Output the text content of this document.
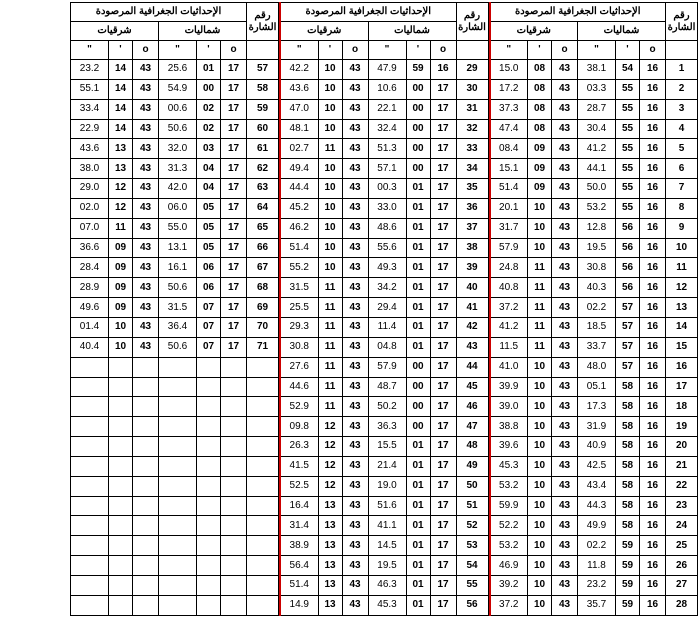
رقم
الشارة	الإحداثيات الجغرافية المرصودة					
	شماليات			شرقيات		
	o	'	"	o	'	"
1	16	54	38.1	43	08	15.0
2	16	55	03.3	43	08	17.2
3	16	55	28.7	43	08	37.3
4	16	55	30.4	43	08	47.4
5	16	55	41.2	43	09	08.4
6	16	55	44.1	43	09	15.1
7	16	55	50.0	43	09	51.4
8	16	55	53.2	43	10	20.1
9	16	56	12.8	43	10	31.7
10	16	56	19.5	43	10	57.9
11	16	56	30.8	43	11	24.8
12	16	56	40.3	43	11	40.8
13	16	57	02.2	43	11	37.2
14	16	57	18.5	43	11	41.2
15	16	57	33.7	43	11	11.5
16	16	57	48.0	43	10	41.0
17	16	58	05.1	43	10	39.9
18	16	58	17.3	43	10	39.0
19	16	58	31.9	43	10	38.8
20	16	58	40.9	43	10	39.6
21	16	58	42.5	43	10	45.3
22	16	58	43.4	43	10	53.2
23	16	58	44.3	43	10	59.9
24	16	58	49.9	43	10	52.2
25	16	59	02.2	43	10	53.2
26	16	59	11.8	43	10	46.9
27	16	59	23.2	43	10	39.2
28	16	59	35.7	43	10	37.2
رقم
الشارة	الإحداثيات الجغرافية المرصودة					
	شماليات			شرقيات		
	o	'	"	o	'	"
29	16	59	47.9	43	10	42.2
30	17	00	10.6	43	10	43.6
31	17	00	22.1	43	10	47.0
32	17	00	32.4	43	10	48.1
33	17	00	51.3	43	11	02.7
34	17	00	57.1	43	10	49.4
35	17	01	00.3	43	10	44.4
36	17	01	33.0	43	10	45.2
37	17	01	48.6	43	10	46.2
38	17	01	55.6	43	10	51.4
39	17	01	49.3	43	10	55.2
40	17	01	34.2	43	11	31.5
41	17	01	29.4	43	11	25.5
42	17	01	11.4	43	11	29.3
43	17	01	04.8	43	11	30.8
44	17	00	57.9	43	11	27.6
45	17	00	48.7	43	11	44.6
46	17	00	50.2	43	11	52.9
47	17	00	36.3	43	12	09.8
48	17	01	15.5	43	12	26.3
49	17	01	21.4	43	12	41.5
50	17	01	19.0	43	12	52.5
51	17	01	51.6	43	13	16.4
52	17	01	41.1	43	13	31.4
53	17	01	14.5	43	13	38.9
54	17	01	19.5	43	13	56.4
55	17	01	46.3	43	13	51.4
56	17	01	45.3	43	13	14.9
رقم
الشارة	الإحداثيات الجغرافية المرصودة					
	شماليات			شرقيات		
	o	'	"	o	'	"
57	17	01	25.6	43	14	23.2
58	17	00	54.9	43	14	55.1
59	17	02	00.6	43	14	33.4
60	17	02	50.6	43	14	22.9
61	17	03	32.0	43	13	43.6
62	17	04	31.3	43	13	38.0
63	17	04	42.0	43	12	29.0
64	17	05	06.0	43	12	02.0
65	17	05	55.0	43	11	07.0
66	17	05	13.1	43	09	36.6
67	17	06	16.1	43	09	28.4
68	17	06	50.6	43	09	28.9
69	17	07	31.5	43	09	49.6
70	17	07	36.4	43	10	01.4
71	17	07	50.6	43	10	40.4
